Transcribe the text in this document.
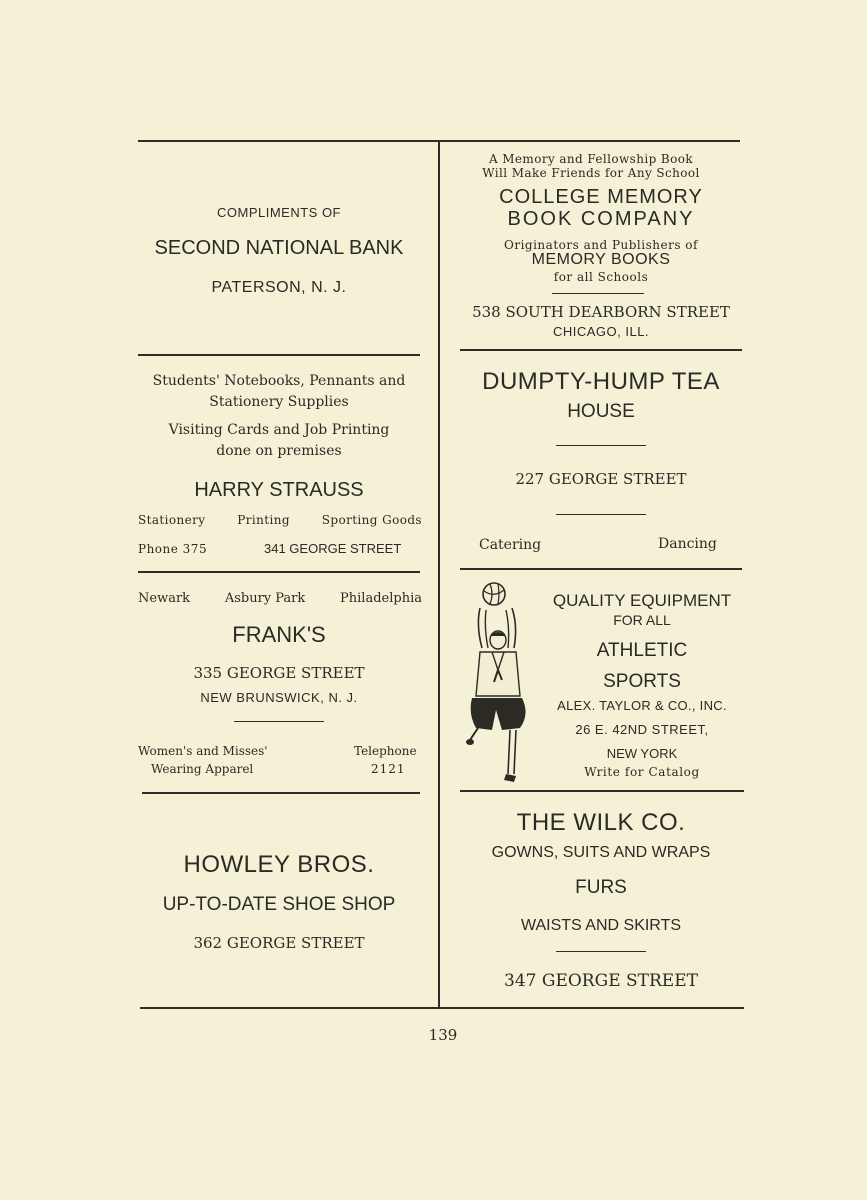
COMPLIMENTS OF
SECOND NATIONAL BANK
PATERSON, N. J.
A Memory and Fellowship Book
Will Make Friends for Any School
COLLEGE MEMORY
BOOK COMPANY
Originators and Publishers of
MEMORY BOOKS
for all Schools
538 SOUTH DEARBORN STREET
CHICAGO, ILL.
Students' Notebooks, Pennants and
Stationery Supplies
Visiting Cards and Job Printing
done on premises
HARRY STRAUSS
Stationery	Printing	Sporting Goods
Phone 375	341 GEORGE STREET
DUMPTY-HUMP TEA
HOUSE
227 GEORGE STREET
Catering	Dancing
Newark	Asbury Park	Philadelphia
FRANK'S
335 GEORGE STREET
NEW BRUNSWICK, N. J.
Women's and Misses'
Wearing Apparel
Telephone
2121
QUALITY EQUIPMENT
FOR ALL
ATHLETIC
SPORTS
ALEX. TAYLOR & CO., INC.
26 E. 42ND STREET,
NEW YORK
Write for Catalog
HOWLEY BROS.
UP-TO-DATE SHOE SHOP
362 GEORGE STREET
THE WILK CO.
GOWNS, SUITS AND WRAPS
FURS
WAISTS AND SKIRTS
347 GEORGE STREET
139
